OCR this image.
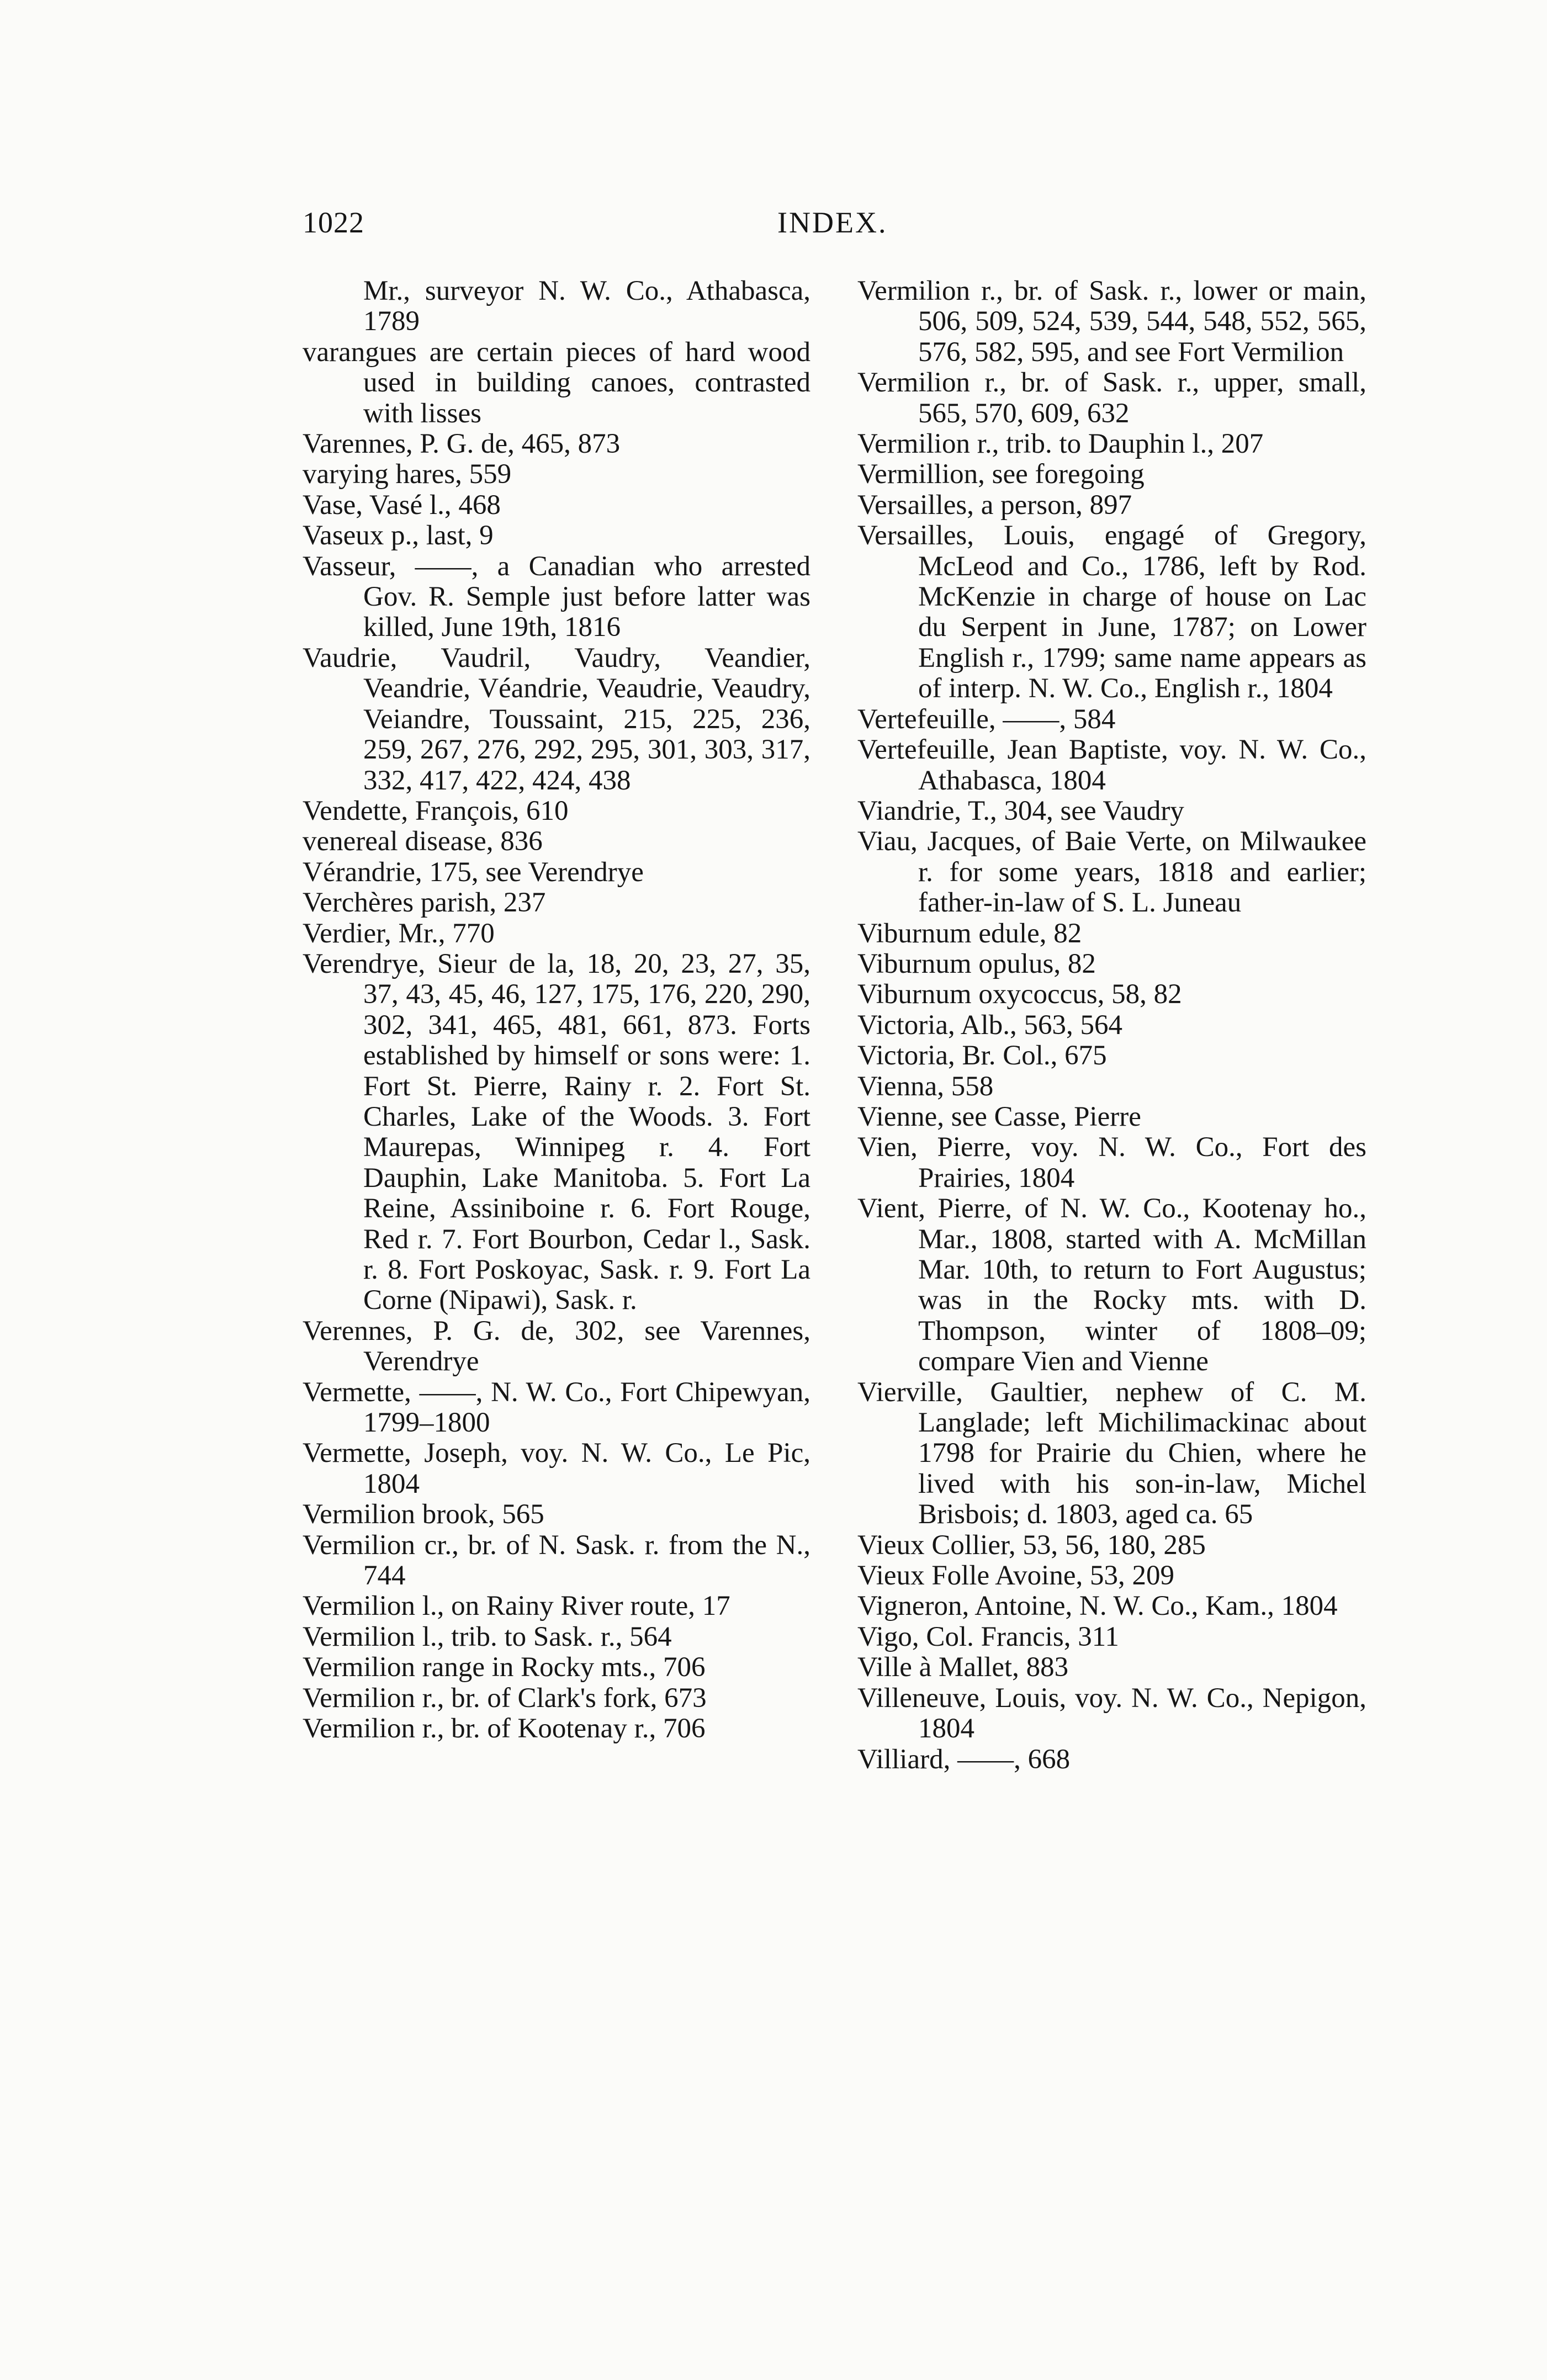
1022	INDEX.
Mr., surveyor N. W. Co., Athabasca, 1789
varangues are certain pieces of hard wood used in building canoes, contrasted with lisses
Varennes, P. G. de, 465, 873
varying hares, 559
Vase, Vasé l., 468
Vaseux p., last, 9
Vasseur, ——, a Canadian who arrested Gov. R. Semple just before latter was killed, June 19th, 1816
Vaudrie, Vaudril, Vaudry, Veandier, Veandrie, Véandrie, Veaudrie, Veaudry, Veiandre, Toussaint, 215, 225, 236, 259, 267, 276, 292, 295, 301, 303, 317, 332, 417, 422, 424, 438
Vendette, François, 610
venereal disease, 836
Vérandrie, 175, see Verendrye
Verchères parish, 237
Verdier, Mr., 770
Verendrye, Sieur de la, 18, 20, 23, 27, 35, 37, 43, 45, 46, 127, 175, 176, 220, 290, 302, 341, 465, 481, 661, 873. Forts established by himself or sons were: 1. Fort St. Pierre, Rainy r. 2. Fort St. Charles, Lake of the Woods. 3. Fort Maurepas, Winnipeg r. 4. Fort Dauphin, Lake Manitoba. 5. Fort La Reine, Assiniboine r. 6. Fort Rouge, Red r. 7. Fort Bourbon, Cedar l., Sask. r. 8. Fort Poskoyac, Sask. r. 9. Fort La Corne (Nipawi), Sask. r.
Verennes, P. G. de, 302, see Varennes, Verendrye
Vermette, ——, N. W. Co., Fort Chipewyan, 1799–1800
Vermette, Joseph, voy. N. W. Co., Le Pic, 1804
Vermilion brook, 565
Vermilion cr., br. of N. Sask. r. from the N., 744
Vermilion l., on Rainy River route, 17
Vermilion l., trib. to Sask. r., 564
Vermilion range in Rocky mts., 706
Vermilion r., br. of Clark's fork, 673
Vermilion r., br. of Kootenay r., 706
Vermilion r., br. of Sask. r., lower or main, 506, 509, 524, 539, 544, 548, 552, 565, 576, 582, 595, and see Fort Vermilion
Vermilion r., br. of Sask. r., upper, small, 565, 570, 609, 632
Vermilion r., trib. to Dauphin l., 207
Vermillion, see foregoing
Versailles, a person, 897
Versailles, Louis, engagé of Gregory, McLeod and Co., 1786, left by Rod. McKenzie in charge of house on Lac du Serpent in June, 1787; on Lower English r., 1799; same name appears as of interp. N. W. Co., English r., 1804
Vertefeuille, ——, 584
Vertefeuille, Jean Baptiste, voy. N. W. Co., Athabasca, 1804
Viandrie, T., 304, see Vaudry
Viau, Jacques, of Baie Verte, on Milwaukee r. for some years, 1818 and earlier; father-in-law of S. L. Juneau
Viburnum edule, 82
Viburnum opulus, 82
Viburnum oxycoccus, 58, 82
Victoria, Alb., 563, 564
Victoria, Br. Col., 675
Vienna, 558
Vienne, see Casse, Pierre
Vien, Pierre, voy. N. W. Co., Fort des Prairies, 1804
Vient, Pierre, of N. W. Co., Kootenay ho., Mar., 1808, started with A. McMillan Mar. 10th, to return to Fort Augustus; was in the Rocky mts. with D. Thompson, winter of 1808–09; compare Vien and Vienne
Vierville, Gaultier, nephew of C. M. Langlade; left Michilimackinac about 1798 for Prairie du Chien, where he lived with his son-in-law, Michel Brisbois; d. 1803, aged ca. 65
Vieux Collier, 53, 56, 180, 285
Vieux Folle Avoine, 53, 209
Vigneron, Antoine, N. W. Co., Kam., 1804
Vigo, Col. Francis, 311
Ville à Mallet, 883
Villeneuve, Louis, voy. N. W. Co., Nepigon, 1804
Villiard, ——, 668
